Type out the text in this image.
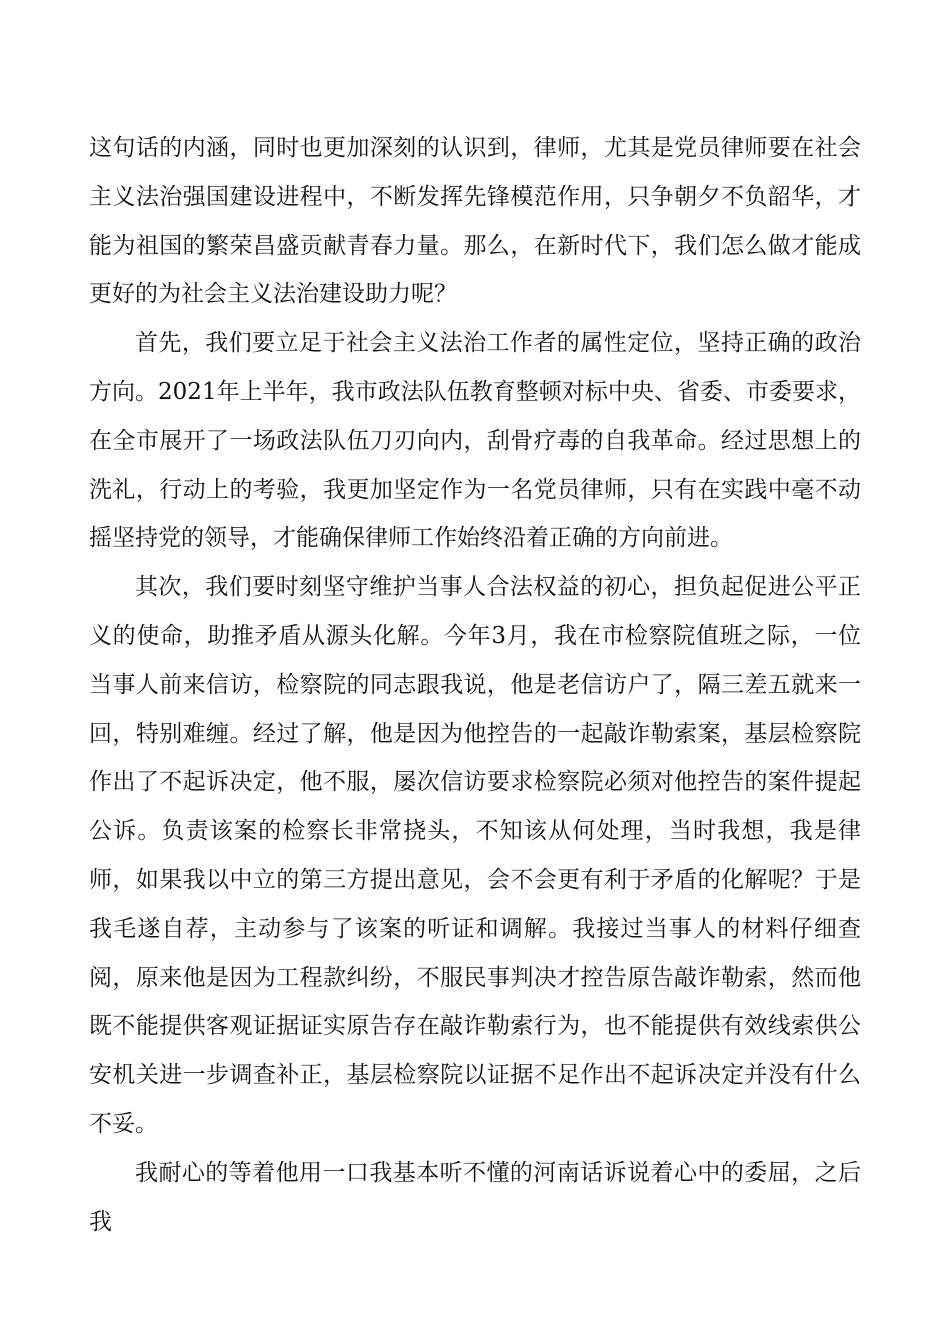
这句话的内涵，同时也更加深刻的认识到，律师，尤其是党员律师要在社会主义法治强国建设进程中，不断发挥先锋模范作用，只争朝夕不负韶华，才能为祖国的繁荣昌盛贡献青春力量。那么，在新时代下，我们怎么做才能成更好的为社会主义法治建设助力呢？

首先，我们要立足于社会主义法治工作者的属性定位，坚持正确的政治方向。2021年上半年，我市政法队伍教育整顿对标中央、省委、市委要求，在全市展开了一场政法队伍刀刃向内，刮骨疗毒的自我革命。经过思想上的洗礼，行动上的考验，我更加坚定作为一名党员律师，只有在实践中毫不动摇坚持党的领导，才能确保律师工作始终沿着正确的方向前进。

其次，我们要时刻坚守维护当事人合法权益的初心，担负起促进公平正义的使命，助推矛盾从源头化解。今年3月，我在市检察院值班之际，一位当事人前来信访，检察院的同志跟我说，他是老信访户了，隔三差五就来一回，特别难缠。经过了解，他是因为他控告的一起敲诈勒索案，基层检察院作出了不起诉决定，他不服，屡次信访要求检察院必须对他控告的案件提起公诉。负责该案的检察长非常挠头，不知该从何处理，当时我想，我是律师，如果我以中立的第三方提出意见，会不会更有利于矛盾的化解呢？于是我毛遂自荐，主动参与了该案的听证和调解。我接过当事人的材料仔细查阅，原来他是因为工程款纠纷，不服民事判决才控告原告敲诈勒索，然而他既不能提供客观证据证实原告存在敲诈勒索行为，也不能提供有效线索供公安机关进一步调查补正，基层检察院以证据不足作出不起诉决定并没有什么不妥。

我耐心的等着他用一口我基本听不懂的河南话诉说着心中的委屈，之后我
